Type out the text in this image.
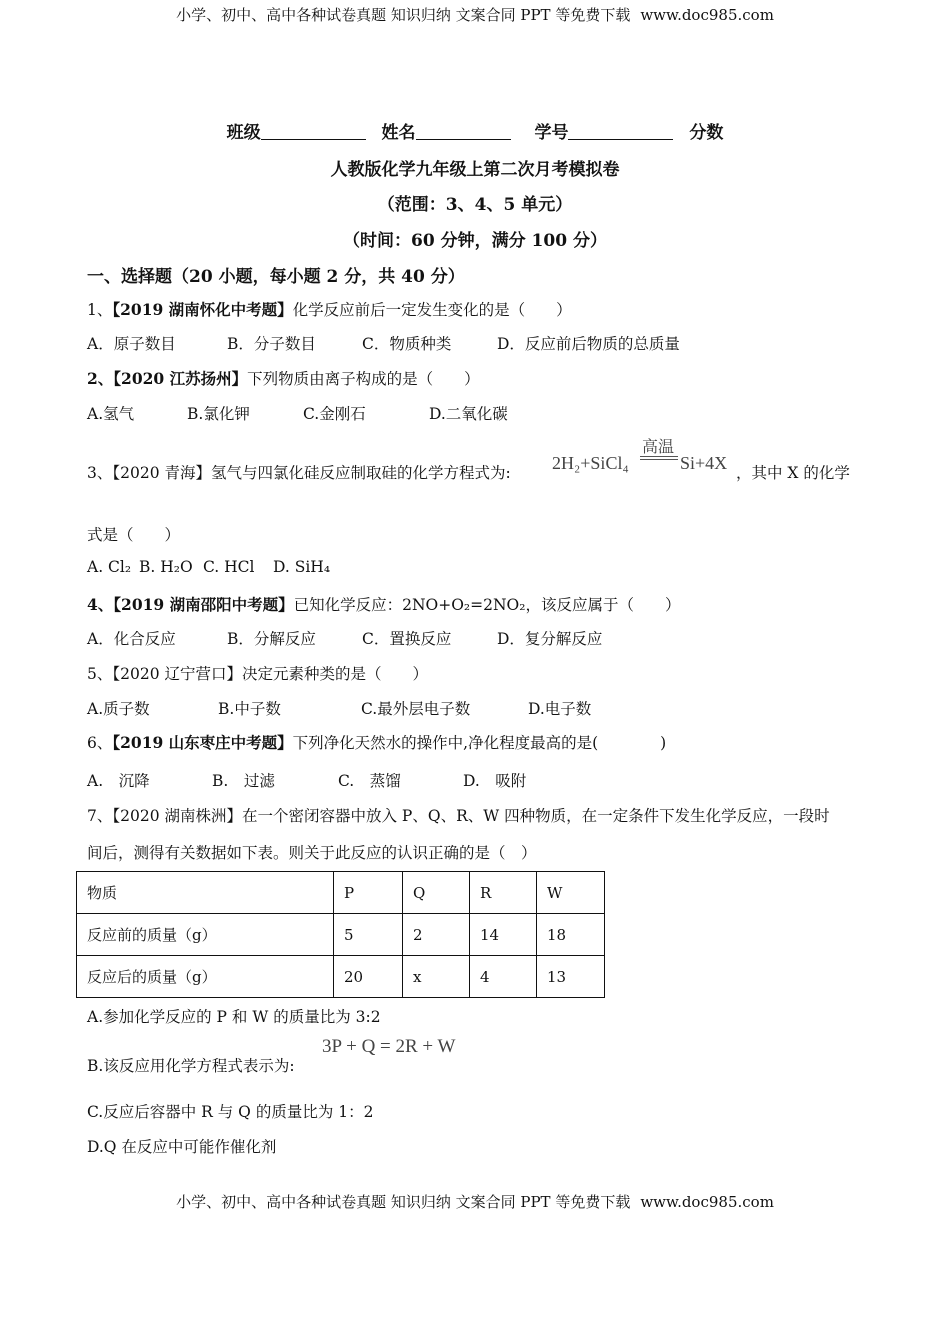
小学、初中、高中各种试卷真题 知识归纳 文案合同 PPT 等免费下载 www.doc985.com
班级	姓名	学号	分数
人教版化学九年级上第二次月考模拟卷
（范围：3、4、5 单元）
（时间：60 分钟，满分 100 分）
一、选择题（20 小题，每小题 2 分，共 40 分）
1、【2019 湖南怀化中考题】化学反应前后一定发生变化的是（　　）
A．原子数目	B．分子数目	C．物质种类	D．反应前后物质的总质量
2、【2020 江苏扬州】下列物质由离子构成的是（　　）
A.氢气	B.氯化钾	C.金刚石	D.二氧化碳
3、【2020 青海】氢气与四氯化硅反应制取硅的化学方程式为: 2H₂+SiCl₄
高温
Si+4X ，其中 X 的化学
式是（　　）
A. Cl₂ B. H₂O C. HCl D. SiH₄
4、【2019 湖南邵阳中考题】已知化学反应：2NO+O₂=2NO₂，该反应属于（　　）
A．化合反应	B．分解反应	C．置换反应	D．复分解反应
5、【2020 辽宁营口】决定元素种类的是（　　）
A.质子数	B.中子数	C.最外层电子数	D.电子数
6、【2019 山东枣庄中考题】下列净化天然水的操作中,净化程度最高的是(　　　　)
A.　沉降	B.　过滤	C.　蒸馏	D.　吸附
7、【2020 湖南株洲】在一个密闭容器中放入 P、Q、R、W 四种物质，在一定条件下发生化学反应，一段时
间后，测得有关数据如下表。则关于此反应的认识正确的是（　）
物质	P	Q	R	W
反应前的质量（g）	5	2	14	18
反应后的质量（g）	20	x	4	13
A.参加化学反应的 P 和 W 的质量比为 3:2
B.该反应用化学方程式表示为:
3P + Q = 2R + W
C.反应后容器中 R 与 Q 的质量比为 1：2
D.Q 在反应中可能作催化剂
小学、初中、高中各种试卷真题 知识归纳 文案合同 PPT 等免费下载 www.doc985.com
